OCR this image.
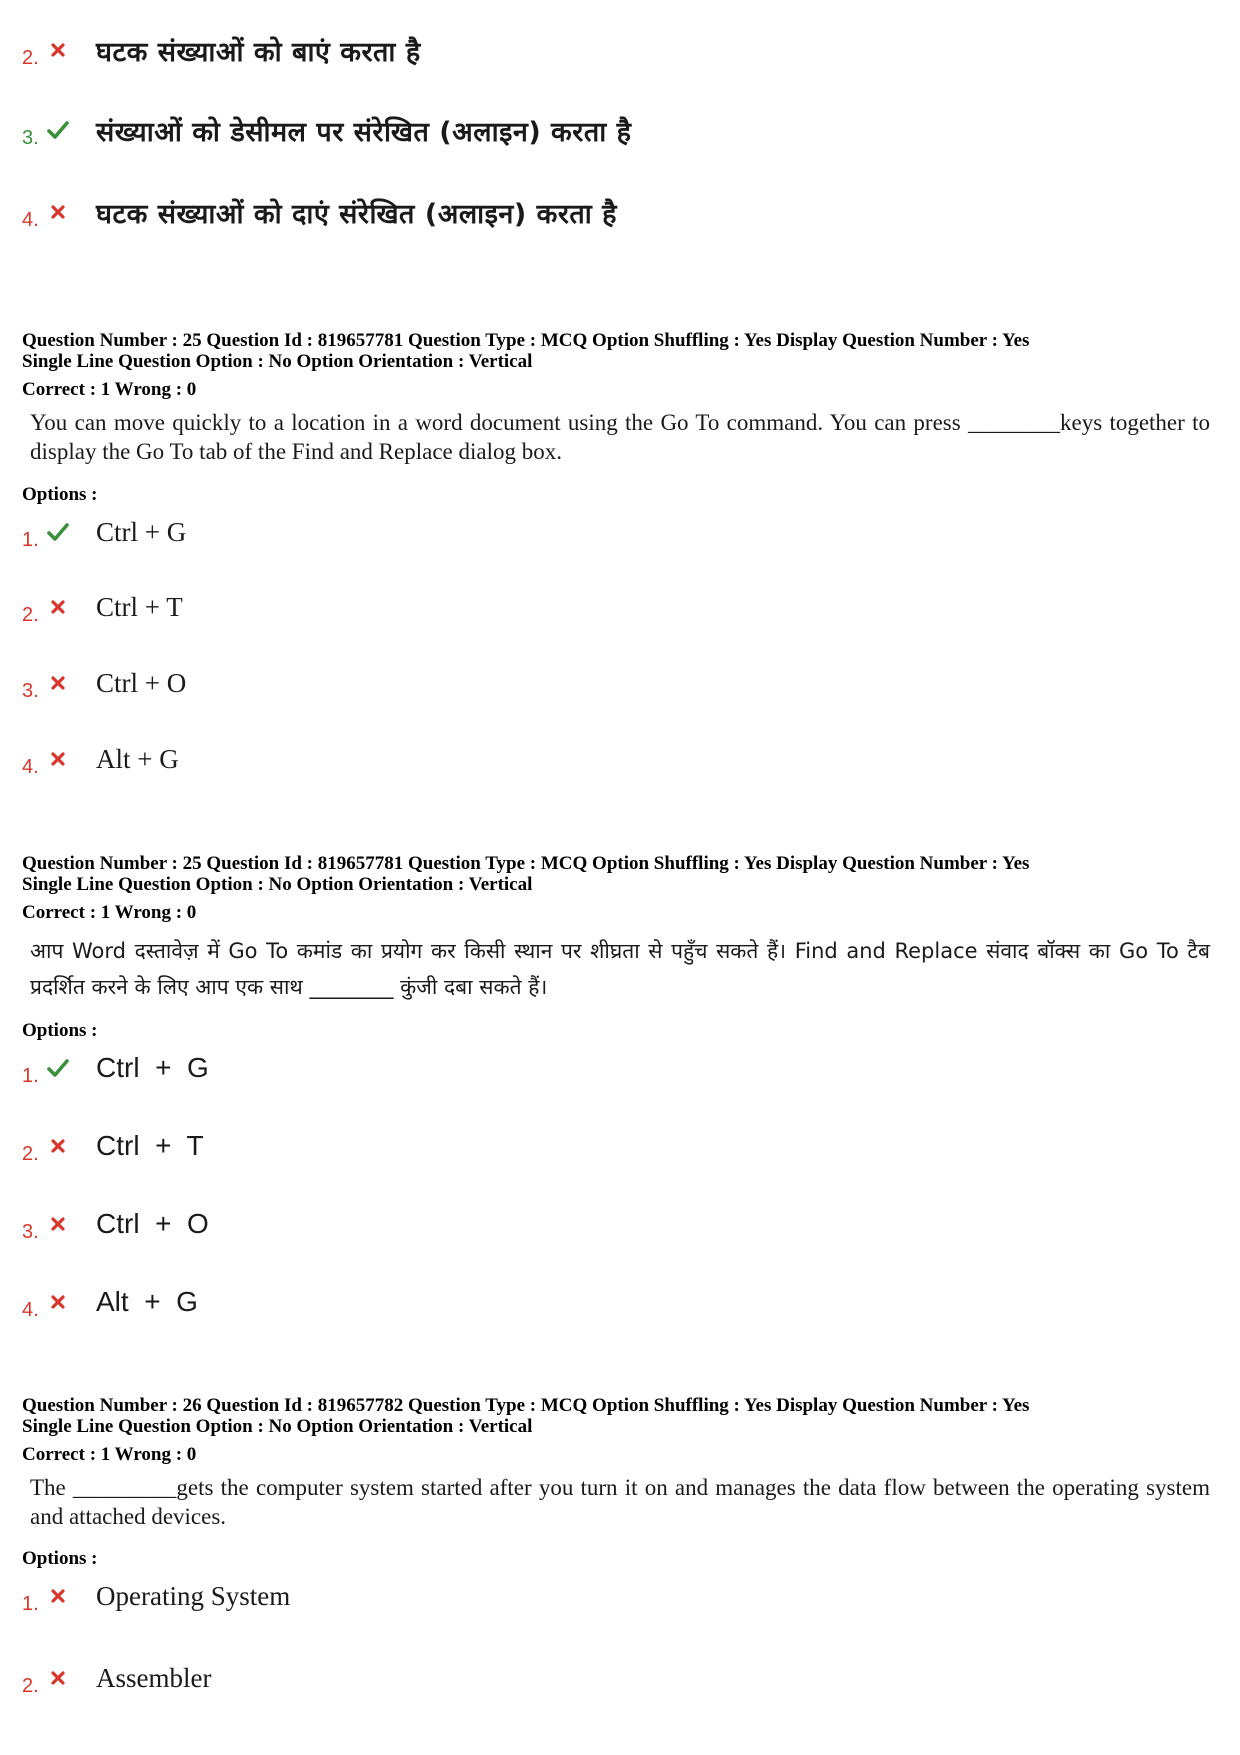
2. घटक संख्याओं को बाएं करता है
3. संख्याओं को डेसीमल पर संरेखित (अलाइन) करता है
4. घटक संख्याओं को दाएं संरेखित (अलाइन) करता है
Question Number : 25 Question Id : 819657781 Question Type : MCQ Option Shuffling : Yes Display Question Number : Yes
Single Line Question Option : No Option Orientation : Vertical
Correct : 1 Wrong : 0
You can move quickly to a location in a word document using the Go To command. You can press ________keys together to display the Go To tab of the Find and Replace dialog box.
Options :
1. Ctrl + G
2. Ctrl + T
3. Ctrl + O
4. Alt + G
Question Number : 25 Question Id : 819657781 Question Type : MCQ Option Shuffling : Yes Display Question Number : Yes
Single Line Question Option : No Option Orientation : Vertical
Correct : 1 Wrong : 0
आप Word दस्तावेज़ में Go To कमांड का प्रयोग कर किसी स्थान पर शीघ्रता से पहुँच सकते हैं। Find and Replace संवाद बॉक्स का Go To टैब प्रदर्शित करने के लिए आप एक साथ ________ कुंजी दबा सकते हैं।
Options :
1. Ctrl  +  G
2. Ctrl  +  T
3. Ctrl  +  O
4. Alt  +  G
Question Number : 26 Question Id : 819657782 Question Type : MCQ Option Shuffling : Yes Display Question Number : Yes
Single Line Question Option : No Option Orientation : Vertical
Correct : 1 Wrong : 0
The _________gets the computer system started after you turn it on and manages the data flow between the operating system and attached devices.
Options :
1. Operating System
2. Assembler
